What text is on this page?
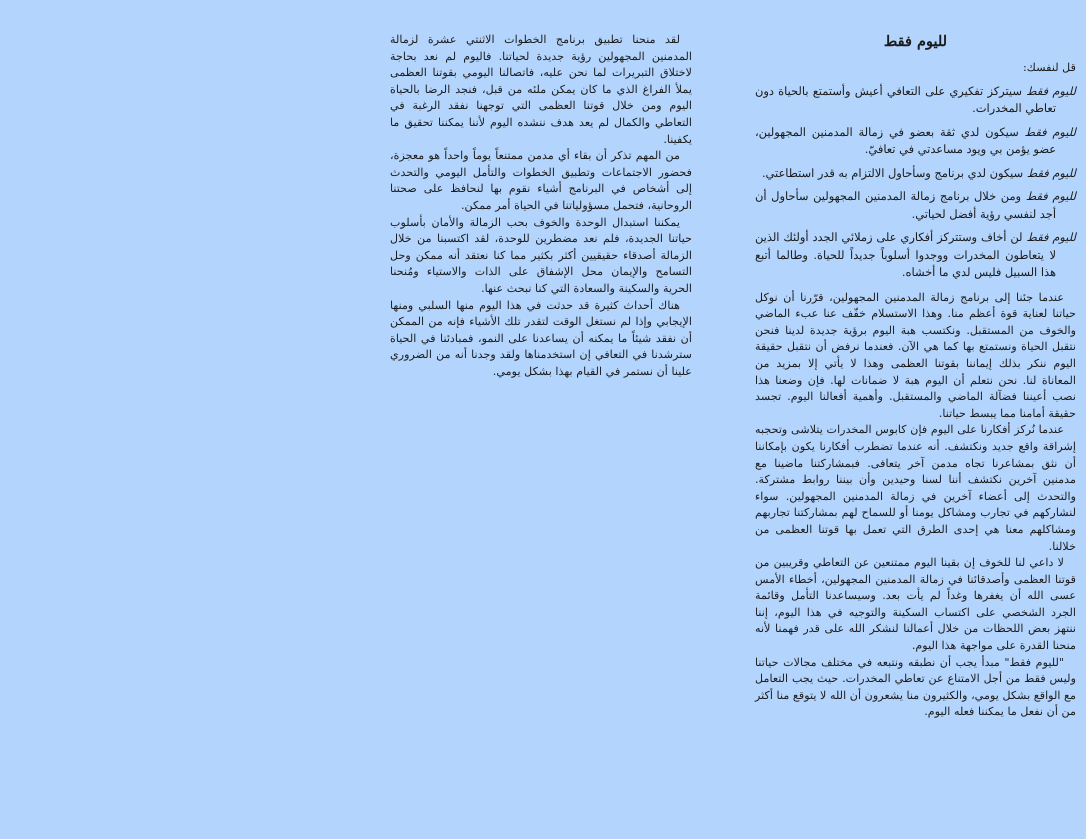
لليوم فقط
قل لنفسك:
لليوم فقط سيتركز تفكيري على التعافي أعيش وأستمتع بالحياة دون تعاطي المخدرات.
لليوم فقط سيكون لدي ثقة بعضو في زمالة المدمنين المجهولين، عضو يؤمن بي ويود مساعدتي في تعافيّ.
لليوم فقط سيكون لدي برنامج وسأحاول الالتزام به قدر استطاعتي.
لليوم فقط ومن خلال برنامج زمالة المدمنين المجهولين سأحاول أن أجد لنفسي رؤية أفضل لحياتي.
لليوم فقط لن أخاف وستتركز أفكاري على زملائي الجدد أولئك الذين لا يتعاطون المخدرات ووجدوا أسلوباً جديداً للحياة. وطالما أتبع هذا السبيل فليس لدي ما أخشاه.

عندما جئنا إلى برنامج زمالة المدمنين المجهولين، قرّرنا أن نوكل حياتنا لعناية قوة أعظم منا. وهذا الاستسلام خفّف عنا عبء الماضي والخوف من المستقبل. ونكتسب هبة اليوم برؤية جديدة لدينا فنحن نتقبل الحياة ونستمتع بها كما هي الآن. فعندما نرفض أن نتقبل حقيقة اليوم ننكر بذلك إيماننا بقوتنا العظمى وهذا لا يأتي إلا بمزيد من المعاناة لنا. نحن نتعلم أن اليوم هبة لا ضمانات لها. فإن وضعنا هذا نصب أعيننا فضآلة الماضي والمستقبل. وأهمية أفعالنا اليوم. تجسد حقيقة أمامنا مما يبسط حياتنا.

عندما نُركز أفكارنا على اليوم فإن كابوس المخدرات يتلاشى وتحجبه إشراقة واقع جديد ونكتشف. أنه عندما تضطرب أفكارنا يكون بإمكاننا أن نثق بمشاعرنا تجاه مدمن آخر يتعافى. فبمشاركتنا ماضينا مع مدمنين آخرين نكتشف أننا لسنا وحيدين وأن بيننا روابط مشتركة. والتحدث إلى أعضاء آخرين في زمالة المدمنين المجهولين. سواء لنشاركهم في تجارب ومشاكل يومنا أو للسماح لهم بمشاركتنا تجاربهم ومشاكلهم معنا هي إحدى الطرق التي تعمل بها قوتنا العظمى من خلالنا.

لا داعي لنا للخوف إن بقينا اليوم ممتنعين عن التعاطي وقريبين من قوتنا العظمى وأصدقائنا في زمالة المدمنين المجهولين، أخطاء الأمس عسى الله أن يغفرها وغداً لم يأت بعد. وسيساعدنا التأمل وقائمة الجرد الشخصي على اكتساب السكينة والتوجيه في هذا اليوم، إننا ننتهز بعض اللحظات من خلال أعمالنا لنشكر الله على قدر فهمنا لأنه منحنا القدرة على مواجهة هذا اليوم.

"لليوم فقط" مبدأ يجب أن نطبقه ونتبعه في مختلف مجالات حياتنا وليس فقط من أجل الامتناع عن تعاطي المخدرات. حيث يجب التعامل مع الواقع بشكل يومي، والكثيرون منا يشعرون أن الله لا يتوقع منا أكثر من أن نفعل ما يمكننا فعله اليوم.

لقد منحنا تطبيق برنامج الخطوات الاثنتي عشرة لزمالة المدمنين المجهولين رؤية جديدة لحياتنا. فاليوم لم نعد بحاجة لاختلاق التبريرات لما نحن عليه، فاتصالنا اليومي بقوتنا العظمى يملأ الفراغ الذي ما كان يمكن ملئه من قبل، فنجد الرضا بالحياة اليوم ومن خلال قوتنا العظمى التي توجهنا نفقد الرغبة في التعاطي والكمال لم يعد هدف ننشده اليوم لأننا يمكننا تحقيق ما يكفينا.

من المهم تذكر أن بقاء أي مدمن ممتنعاً يوماً واحداً هو معجزة، فحضور الاجتماعات وتطبيق الخطوات والتأمل اليومي والتحدث إلى أشخاص في البرنامج أشياء نقوم بها لنحافظ على صحتنا الروحانية، فتحمل مسؤولياتنا في الحياة أمر ممكن.

يمكننا استبدال الوحدة والخوف بحب الزمالة والأمان بأسلوب حياتنا الجديدة، فلم نعد مضطرين للوحدة، لقد اكتسبنا من خلال الزمالة أصدقاء حقيقيين أكثر بكثير مما كنا نعتقد أنه ممكن وحل التسامح والإيمان محل الإشفاق على الذات والاستياء ومُنحنا الحرية والسكينة والسعادة التي كنا نبحث عنها.

هناك أحداث كثيرة قد حدثت في هذا اليوم منها السلبي ومنها الإيجابي وإذا لم نستغل الوقت لتقدر تلك الأشياء فإنه من الممكن أن نفقد شيئاً ما يمكنه أن يساعدنا على النمو، فمبادئنا في الحياة سترشدنا في التعافي إن استخدمناها ولقد وجدنا أنه من الضروري علينا أن نستمر في القيام بهذا بشكل يومي.
